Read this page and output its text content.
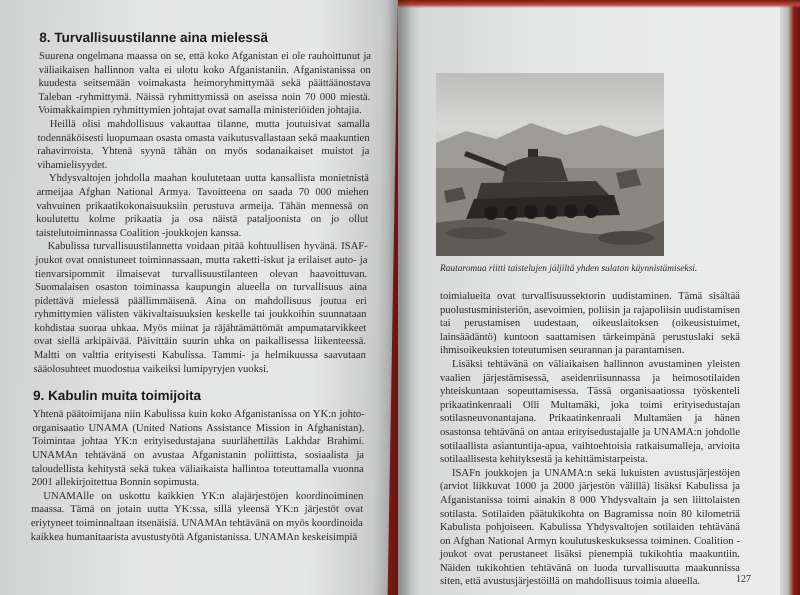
8. Turvallisuustilanne aina mielessä

Suurena ongelmana maassa on se, että koko Afganistan ei ole rauhoittunut ja väliaikaisen hallinnon valta ei ulotu koko Afganistaniin. Afganistanissa on kuudesta seitsemään voimakasta heimoryhmittymää sekä päättäänostava Taleban -ryhmittymä. Näissä ryhmittymissä on aseissa noin 70 000 miestä. Voimakkaimpien ryhmittymien johtajat ovat samalla ministeriöiden johtajia.

Heillä olisi mahdollisuus vakauttaa tilanne, mutta joutuisivat samalla todennäköisesti luopumaan osasta omasta vaikutusvallastaan sekä maakuntien rahavirroista. Yhtenä syynä tähän on myös sodanaikaiset muistot ja vihamielisyydet.

Yhdysvaltojen johdolla maahan koulutetaan uutta kansallista monietnistä armeijaa Afghan National Armya. Tavoitteena on saada 70 000 miehen vahvuinen prikaatikokonaisuuksiin perustuva armeija. Tähän mennessä on koulutettu kolme prikaatia ja osa näistä pataljoonista on jo ollut taistelutoiminnassa Coalition -joukkojen kanssa.

Kabulissa turvallisuustilannetta voidaan pitää kohtuullisen hyvänä. ISAF-joukot ovat onnistuneet toiminnassaan, mutta raketti-iskut ja erilaiset auto- ja tienvarsipommit ilmaisevat turvallisuustilanteen olevan haavoittuvan. Suomalaisen osaston toiminassa kaupungin alueella on turvallisuus aina pidettävä mielessä päällimmäisenä. Aina on mahdollisuus joutua eri ryhmittymien välisten väkivaltaisuuksien keskelle tai joukkoihin suunnataan kohdistaa suoraa uhkaa. Myös miinat ja räjähtämättömät ampumatarvikkeet ovat siellä arkipäivää. Päivittäin suurin uhka on paikallisessa liikenteessä. Maltti on valttia erityisesti Kabulissa. Tammi- ja helmikuussa saavutaan sääolosuhteet muodostua vaikeiksi lumipyryjen vuoksi.

9. Kabulin muita toimijoita

Yhtenä päätoimijana niin Kabulissa kuin koko Afganistanissa on YK:n johto-organisaatio UNAMA (United Nations Assistance Mission in Afghanistan). Toimintaa johtaa YK:n erityisedustajana suurlähettiläs Lakhdar Brahimi. UNAMAn tehtävänä on avustaa Afganistanin poliittista, sosiaalista ja taloudellista kehitystä sekä tukea väliaikaista hallintoa toteuttamalla vuonna 2001 allekirjoitettua Bonnin sopimusta.

UNAMAlle on uskottu kaikkien YK:n alajärjestöjen koordinoiminen maassa. Tämä on jotain uutta YK:ssa, sillä yleensä YK:n järjestöt ovat eriytyneet toiminnaltaan itsenäisiä. UNAMAn tehtävänä on myös koordinoida kaikkea humanitaarista avustustyötä Afganistanissa. UNAMAn keskeisimpiä

Rautaromua riitti taistelujen jäljiltä yhden sulaton käynnistämiseksi.

toimialueita ovat turvallisuussektorin uudistaminen. Tämä sisältää puolustusministeriön, asevoimien, poliisin ja rajapoliisin uudistamisen tai perustamisen uudestaan, oikeuslaitoksen (oikeusistuimet, lainsäädäntö) kuntoon saattamisen tärkeimpänä perustuslaki sekä ihmisoikeuksien toteutumisen seurannan ja parantamisen.

Lisäksi tehtävänä on väliaikaisen hallinnon avustaminen yleisten vaalien järjestämisessä, aseidenriisunnassa ja heimosotilaiden yhteiskuntaan sopeuttamisessa. Tässä organisaatiossa työskenteli prikaatinkenraali Olli Multamäki, joka toimi erityisedustajan sotilasneuvonantajana. Prikaatinkenraali Multamäen ja hänen osastonsa tehtävänä on antaa erityisedustajalle ja UNAMA:n johdolle sotilaallista asiantuntija-apua, vaihtoehtoisia ratkaisumalleja, arvioita sotilaallisesta kehityksestä ja kehittämistarpeista.

ISAFn joukkojen ja UNAMA:n sekä lukuisten avustusjärjestöjen (arviot liikkuvat 1000 ja 2000 järjestön välillä) lisäksi Kabulissa ja Afganistanissa toimi ainakin 8 000 Yhdysvaltain ja sen liittolaisten sotilasta. Sotilaiden päätukikohta on Bagramissa noin 80 kilometriä Kabulista pohjoiseen. Kabulissa Yhdysvaltojen sotilaiden tehtävänä on Afghan National Armyn koulutuskeskuksessa toiminen. Coalition -joukot ovat perustaneet lisäksi pienempiä tukikohtia maakuntiin. Näiden tukikohtien tehtävänä on luoda turvallisuutta maakunnissa siten, että avustusjärjestöillä on mahdollisuus toimia alueella.	127
